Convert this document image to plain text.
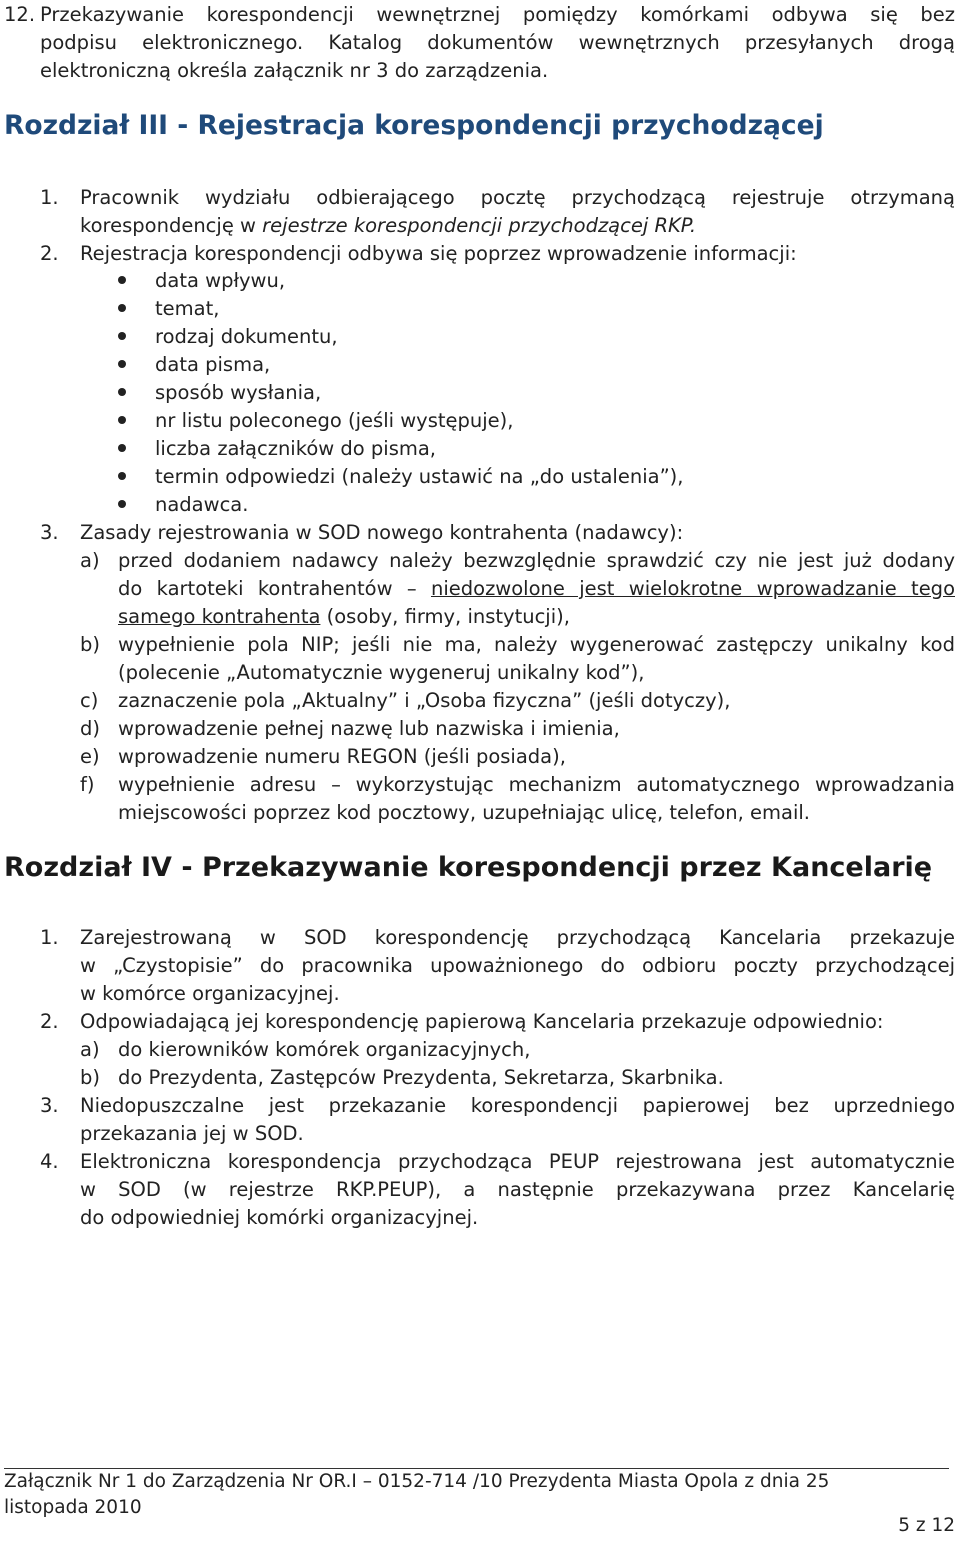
12. Przekazywanie korespondencji wewnętrznej pomiędzy komórkami odbywa się bez

podpisu elektronicznego. Katalog dokumentów wewnętrznych przesyłanych drogą

elektroniczną określa załącznik nr 3 do zarządzenia.

Rozdział III - Rejestracja korespondencji przychodzącej
1. Pracownik wydziału odbierającego pocztę przychodzącą rejestruje otrzymaną

korespondencję w rejestrze korespondencji przychodzącej RKP.

2. Rejestracja korespondencji odbywa się poprzez wprowadzenie informacji:

data wpływu,

temat,

rodzaj dokumentu,

data pisma,

sposób wysłania,

nr listu poleconego (jeśli występuje),

liczba załączników do pisma,

termin odpowiedzi (należy ustawić na „do ustalenia”),

nadawca.

3. Zasady rejestrowania w SOD nowego kontrahenta (nadawcy):

a) przed dodaniem nadawcy należy bezwzględnie sprawdzić czy nie jest już dodany

do kartoteki kontrahentów – niedozwolone jest wielokrotne wprowadzanie tego

samego kontrahenta (osoby, firmy, instytucji),

b) wypełnienie pola NIP; jeśli nie ma, należy wygenerować zastępczy unikalny kod

(polecenie „Automatycznie wygeneruj unikalny kod”),

c) zaznaczenie pola „Aktualny” i „Osoba fizyczna” (jeśli dotyczy),

d) wprowadzenie pełnej nazwę lub nazwiska i imienia,

e) wprowadzenie numeru REGON (jeśli posiada),

f) wypełnienie adresu – wykorzystując mechanizm automatycznego wprowadzania

miejscowości poprzez kod pocztowy, uzupełniając ulicę, telefon, email.

Rozdział IV - Przekazywanie korespondencji przez Kancelarię
1. Zarejestrowaną w SOD korespondencję przychodzącą Kancelaria przekazuje

w „Czystopisie” do pracownika upoważnionego do odbioru poczty przychodzącej

w komórce organizacyjnej.

2. Odpowiadającą jej korespondencję papierową Kancelaria przekazuje odpowiednio:

a) do kierowników komórek organizacyjnych,

b) do Prezydenta, Zastępców Prezydenta, Sekretarza, Skarbnika.

3. Niedopuszczalne jest przekazanie korespondencji papierowej bez uprzedniego

przekazania jej w SOD.

4. Elektroniczna korespondencja przychodząca PEUP rejestrowana jest automatycznie

w SOD (w rejestrze RKP.PEUP), a następnie przekazywana przez Kancelarię

do odpowiedniej komórki organizacyjnej.

Załącznik Nr 1 do Zarządzenia Nr OR.I – 0152-714 /10 Prezydenta Miasta Opola z dnia 25
listopada 2010
5 z 12
